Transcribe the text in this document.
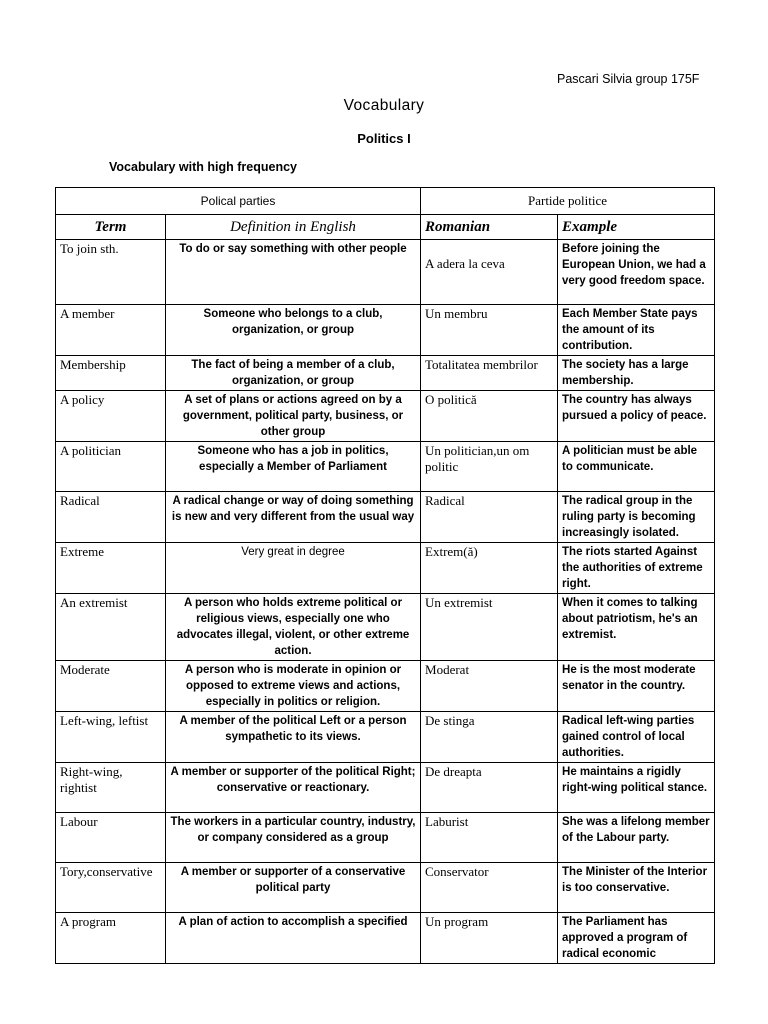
Pascari Silvia group 175F
Vocabulary
Politics I
Vocabulary with high frequency
Polical parties		Partide politice	
Term	Definition in English	Romanian	Example
To join sth.	To do or say something with other people	A adera la ceva	Before joining the European Union, we had a very good freedom space.
A member	Someone who belongs to a club, organization, or group	Un membru	Each Member State pays the amount of its contribution.
Membership	The fact of being a member of a club, organization, or group	Totalitatea membrilor	The society has a large membership.
A policy	A set of plans or actions agreed on by a government, political party, business, or other group	O politică	The country has always pursued a policy of peace.
A politician	Someone who has a job in politics, especially a Member of Parliament	Un politician,un om politic	A politician must be able to communicate.
Radical	A radical change or way of doing something is new and very different from the usual way	Radical	The radical group in the ruling party is becoming increasingly isolated.
Extreme	Very great in degree	Extrem(ă)	The riots started Against the authorities of extreme right.
An extremist	A person who holds extreme political or religious views, especially one who advocates illegal, violent, or other extreme action.	Un extremist	When it comes to talking about patriotism, he's an extremist.
Moderate	A person who is moderate in opinion or opposed to extreme views and actions, especially in politics or religion.	Moderat	He is the most moderate senator in the country.
Left-wing, leftist	A member of the political Left or a person sympathetic to its views.	De stinga	Radical left-wing parties gained control of local authorities.
Right-wing, rightist	A member or supporter of the political Right; conservative or reactionary.	De dreapta	He maintains a rigidly right-wing political stance.
Labour	The workers in a particular country, industry, or company considered as a group	Laburist	She was a lifelong member of the Labour party.
Tory,conservative	A member or supporter of a conservative political party	Conservator	The Minister of the Interior is too conservative.
A program	A plan of action to accomplish a specified	Un program	The Parliament has approved a program of radical economic
